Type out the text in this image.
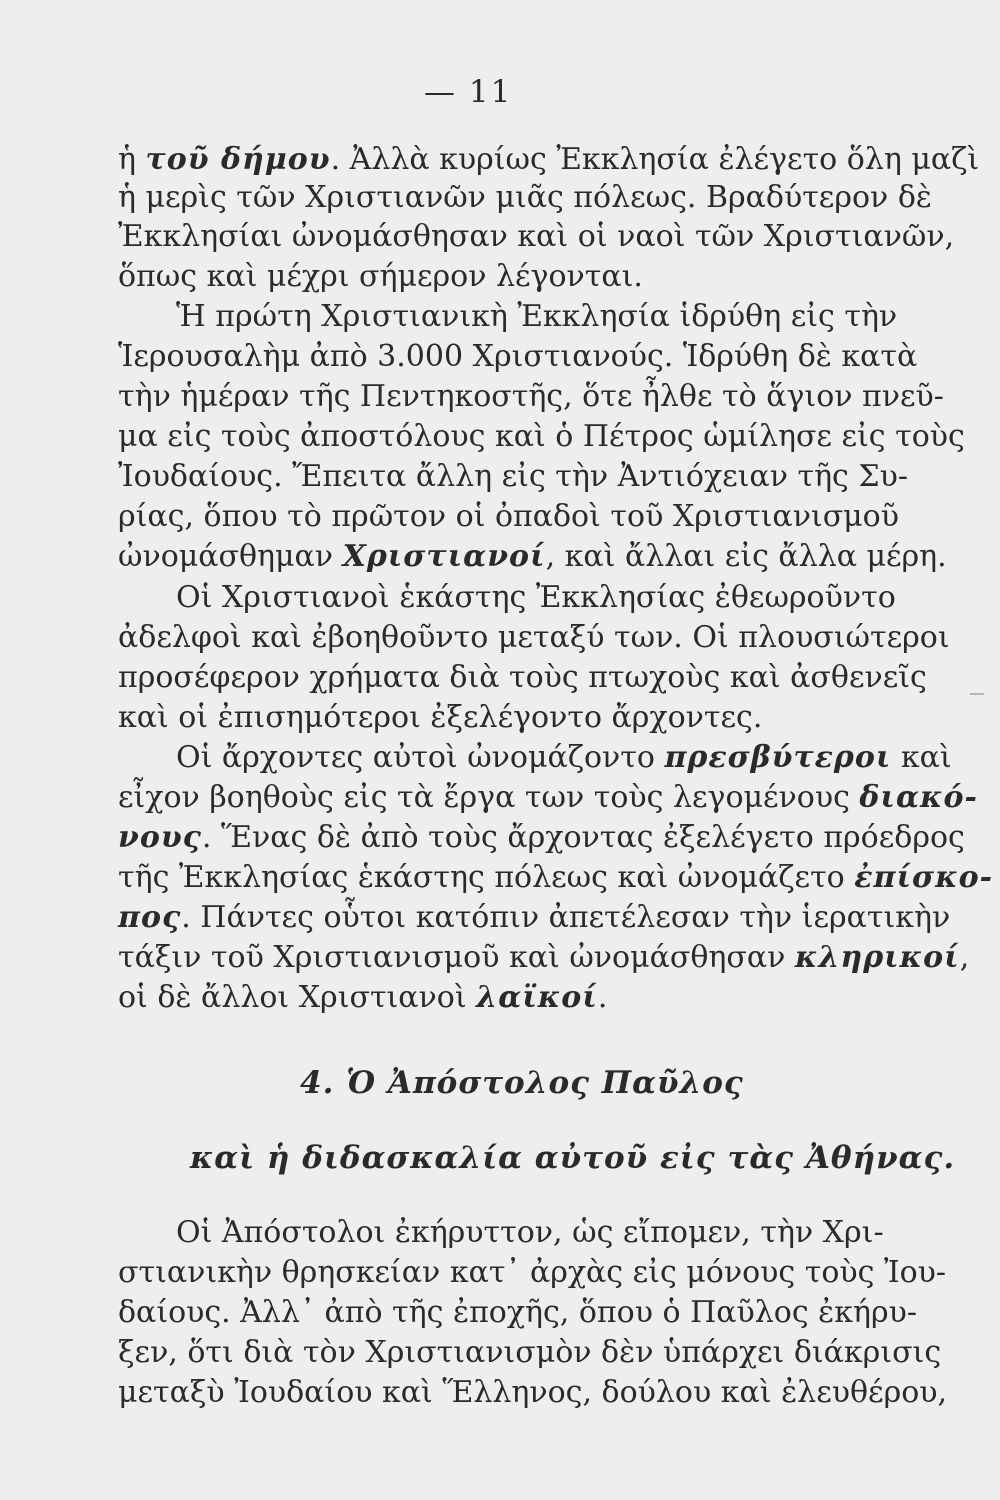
— 11
ἡ τοῦ δήμου. Ἀλλὰ κυρίως Ἐκκλησία ἐλέγετο ὅλη μαζὶ
ἡ μερὶς τῶν Χριστιανῶν μιᾶς πόλεως. Βραδύτερον δὲ
Ἐκκλησίαι ὠνομάσθησαν καὶ οἱ ναοὶ τῶν Χριστιανῶν,
ὅπως καὶ μέχρι σήμερον λέγονται.
Ἡ πρώτη Χριστιανικὴ Ἐκκλησία ἱδρύθη εἰς τὴν
Ἱερουσαλὴμ ἀπὸ 3.000 Χριστιανούς. Ἱδρύθη δὲ κατὰ
τὴν ἡμέραν τῆς Πεντηκοστῆς, ὅτε ἦλθε τὸ ἅγιον πνεῦ-
μα εἰς τοὺς ἀποστόλους καὶ ὁ Πέτρος ὡμίλησε εἰς τοὺς
Ἰουδαίους. Ἔπειτα ἄλλη εἰς τὴν Ἀντιόχειαν τῆς Συ-
ρίας, ὅπου τὸ πρῶτον οἱ ὀπαδοὶ τοῦ Χριστιανισμοῦ
ὠνομάσθημαν Χριστιανοί, καὶ ἄλλαι εἰς ἄλλα μέρη.
Οἱ Χριστιανοὶ ἑκάστης Ἐκκλησίας ἐθεωροῦντο
ἀδελφοὶ καὶ ἐβοηθοῦντο μεταξύ των. Οἱ πλουσιώτεροι
προσέφερον χρήματα διὰ τοὺς πτωχοὺς καὶ ἀσθενεῖς
καὶ οἱ ἐπισημότεροι ἐξελέγοντο ἄρχοντες.
Οἱ ἄρχοντες αὐτοὶ ὠνομάζοντο πρεσβύτεροι καὶ
εἶχον βοηθοὺς εἰς τὰ ἔργα των τοὺς λεγομένους διακό-
νους. Ἕνας δὲ ἀπὸ τοὺς ἄρχοντας ἐξελέγετο πρόεδρος
τῆς Ἐκκλησίας ἑκάστης πόλεως καὶ ὠνομάζετο ἐπίσκο-
πος. Πάντες οὗτοι κατόπιν ἀπετέλεσαν τὴν ἱερατικὴν
τάξιν τοῦ Χριστιανισμοῦ καὶ ὠνομάσθησαν κληρικοί,
οἱ δὲ ἄλλοι Χριστιανοὶ λαϊκοί.
4. Ὁ Ἀπόστολος Παῦλος
καὶ ἡ διδασκαλία αὐτοῦ εἰς τὰς Ἀθήνας.
Οἱ Ἀπόστολοι ἐκήρυττον, ὡς εἴπομεν, τὴν Χρι-
στιανικὴν θρησκείαν κατ᾽ ἀρχὰς εἰς μόνους τοὺς Ἰου-
δαίους. Ἀλλ᾽ ἀπὸ τῆς ἐποχῆς, ὅπου ὁ Παῦλος ἐκήρυ-
ξεν, ὅτι διὰ τὸν Χριστιανισμὸν δὲν ὑπάρχει διάκρισις
μεταξὺ Ἰουδαίου καὶ Ἕλληνος, δούλου καὶ ἐλευθέρου,
